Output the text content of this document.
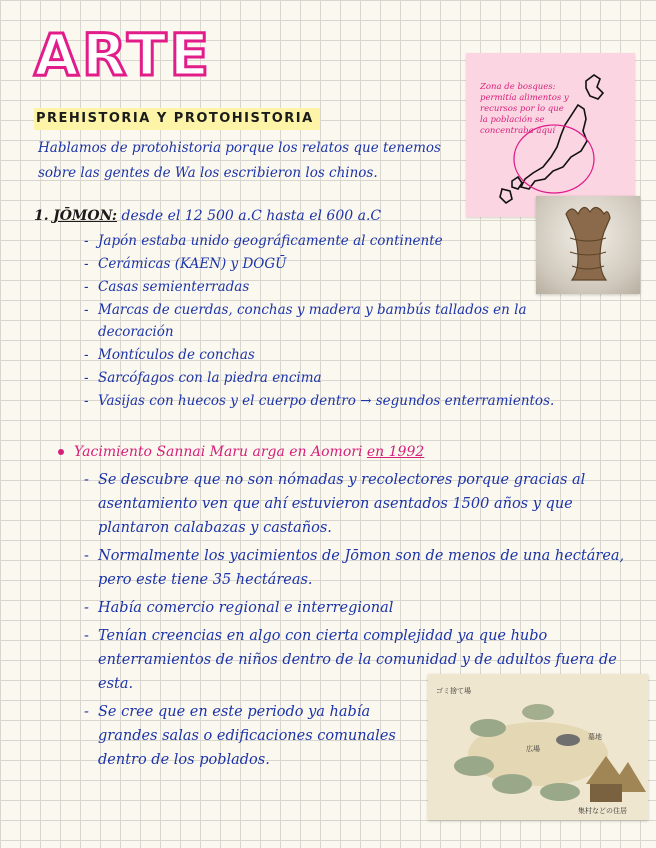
ARTE
PREHISTORIA Y PROTOHISTORIA
Hablamos de protohistoria porque los relatos que tenemos sobre las gentes de Wa los escribieron los chinos.
1. JŌMON: desde el 12 500 a.C hasta el 600 a.C
- Japón estaba unido geográficamente al continente
- Cerámicas (KAEN) y DOGŪ
- Casas semienterradas
- Marcas de cuerdas, conchas y madera y bambús tallados en la decoración
- Montículos de conchas
- Sarcófagos con la piedra encima
- Vasijas con huecos y el cuerpo dentro → segundos enterramientos.
Yacimiento Sannai Maru arga en Aomori en 1992
- Se descubre que no son nómadas y recolectores porque gracias al asentamiento ven que ahí estuvieron asentados 1500 años y que plantaron calabazas y castaños.
- Normalmente los yacimientos de Jōmon son de menos de una hectárea, pero este tiene 35 hectáreas.
- Había comercio regional e interregional
- Tenían creencias en algo con cierta complejidad ya que hubo enterramientos de niños dentro de la comunidad y de adultos fuera de esta.
- Se cree que en este periodo ya había grandes salas o edificaciones comunales dentro de los poblados.
Zona de bosques: permitía alimentos y recursos por lo que la población se concentraba aquí
ゴミ捨て場
広場
墓地
集村などの住居
